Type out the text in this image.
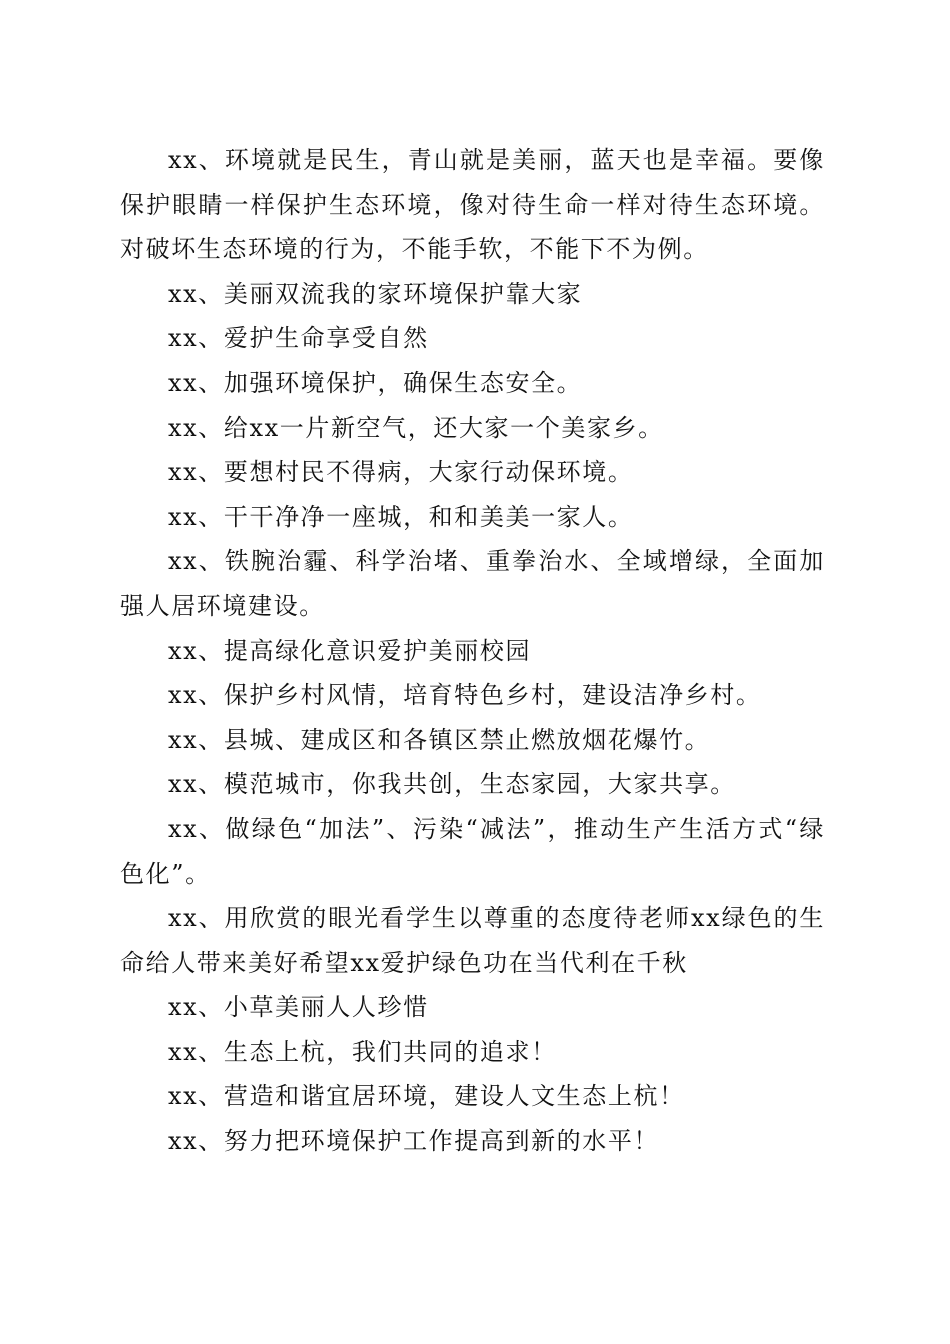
xx、环境就是民生，青山就是美丽，蓝天也是幸福。要像保护眼睛一样保护生态环境，像对待生命一样对待生态环境。对破坏生态环境的行为，不能手软，不能下不为例。

xx、美丽双流我的家环境保护靠大家

xx、爱护生命享受自然

xx、加强环境保护，确保生态安全。

xx、给xx一片新空气，还大家一个美家乡。

xx、要想村民不得病，大家行动保环境。

xx、干干净净一座城，和和美美一家人。

xx、铁腕治霾、科学治堵、重拳治水、全域增绿，全面加强人居环境建设。

xx、提高绿化意识爱护美丽校园

xx、保护乡村风情，培育特色乡村，建设洁净乡村。

xx、县城、建成区和各镇区禁止燃放烟花爆竹。

xx、模范城市，你我共创，生态家园，大家共享。

xx、做绿色“加法”、污染“减法”，推动生产生活方式“绿色化”。

xx、用欣赏的眼光看学生以尊重的态度待老师xx绿色的生命给人带来美好希望xx爱护绿色功在当代利在千秋

xx、小草美丽人人珍惜

xx、生态上杭，我们共同的追求！

xx、营造和谐宜居环境，建设人文生态上杭！

xx、努力把环境保护工作提高到新的水平！
